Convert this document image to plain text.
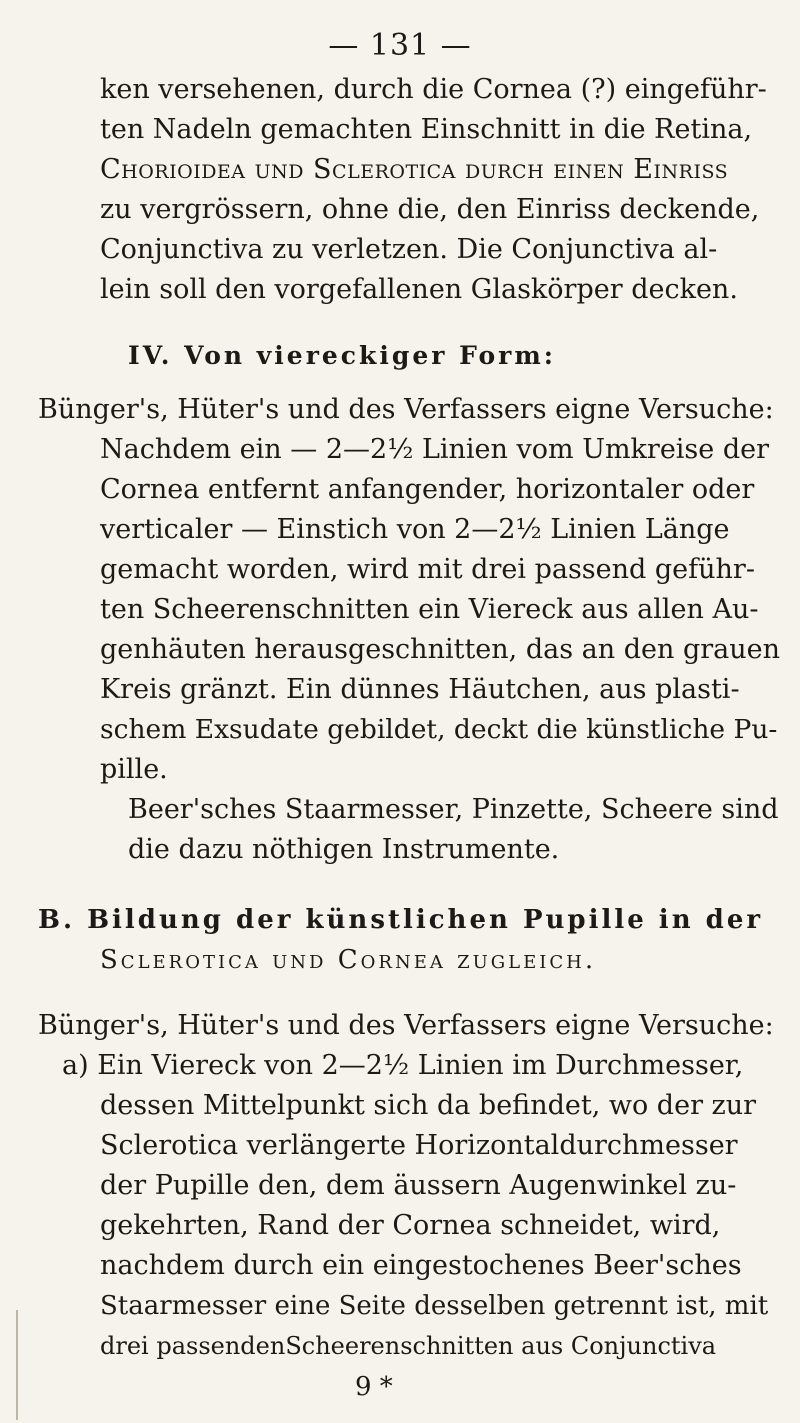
— 131 —
ken versehenen, durch die Cornea (?) eingeführ-
ten Nadeln gemachten Einschnitt in die Retina,
Chorioidea und Sclerotica durch einen Einriss
zu vergrössern, ohne die, den Einriss deckende,
Conjunctiva zu verletzen. Die Conjunctiva al-
lein soll den vorgefallenen Glaskörper decken.
IV. Von viereckiger Form:
Bünger's, Hüter's und des Verfassers eigne Versuche:
Nachdem ein — 2—2½ Linien vom Umkreise der
Cornea entfernt anfangender, horizontaler oder
verticaler — Einstich von 2—2½ Linien Länge
gemacht worden, wird mit drei passend geführ-
ten Scheerenschnitten ein Viereck aus allen Au-
genhäuten herausgeschnitten, das an den grauen
Kreis gränzt. Ein dünnes Häutchen, aus plasti-
schem Exsudate gebildet, deckt die künstliche Pu-
pille.
Beer'sches Staarmesser, Pinzette, Scheere sind
die dazu nöthigen Instrumente.
B. Bildung der künstlichen Pupille in der
Sclerotica und Cornea zugleich.
Bünger's, Hüter's und des Verfassers eigne Versuche:
a) Ein Viereck von 2—2½ Linien im Durchmesser,
dessen Mittelpunkt sich da befindet, wo der zur
Sclerotica verlängerte Horizontaldurchmesser
der Pupille den, dem äussern Augenwinkel zu-
gekehrten, Rand der Cornea schneidet, wird,
nachdem durch ein eingestochenes Beer'sches
Staarmesser eine Seite desselben getrennt ist, mit
drei passendenScheerenschnitten aus Conjunctiva
9 *
